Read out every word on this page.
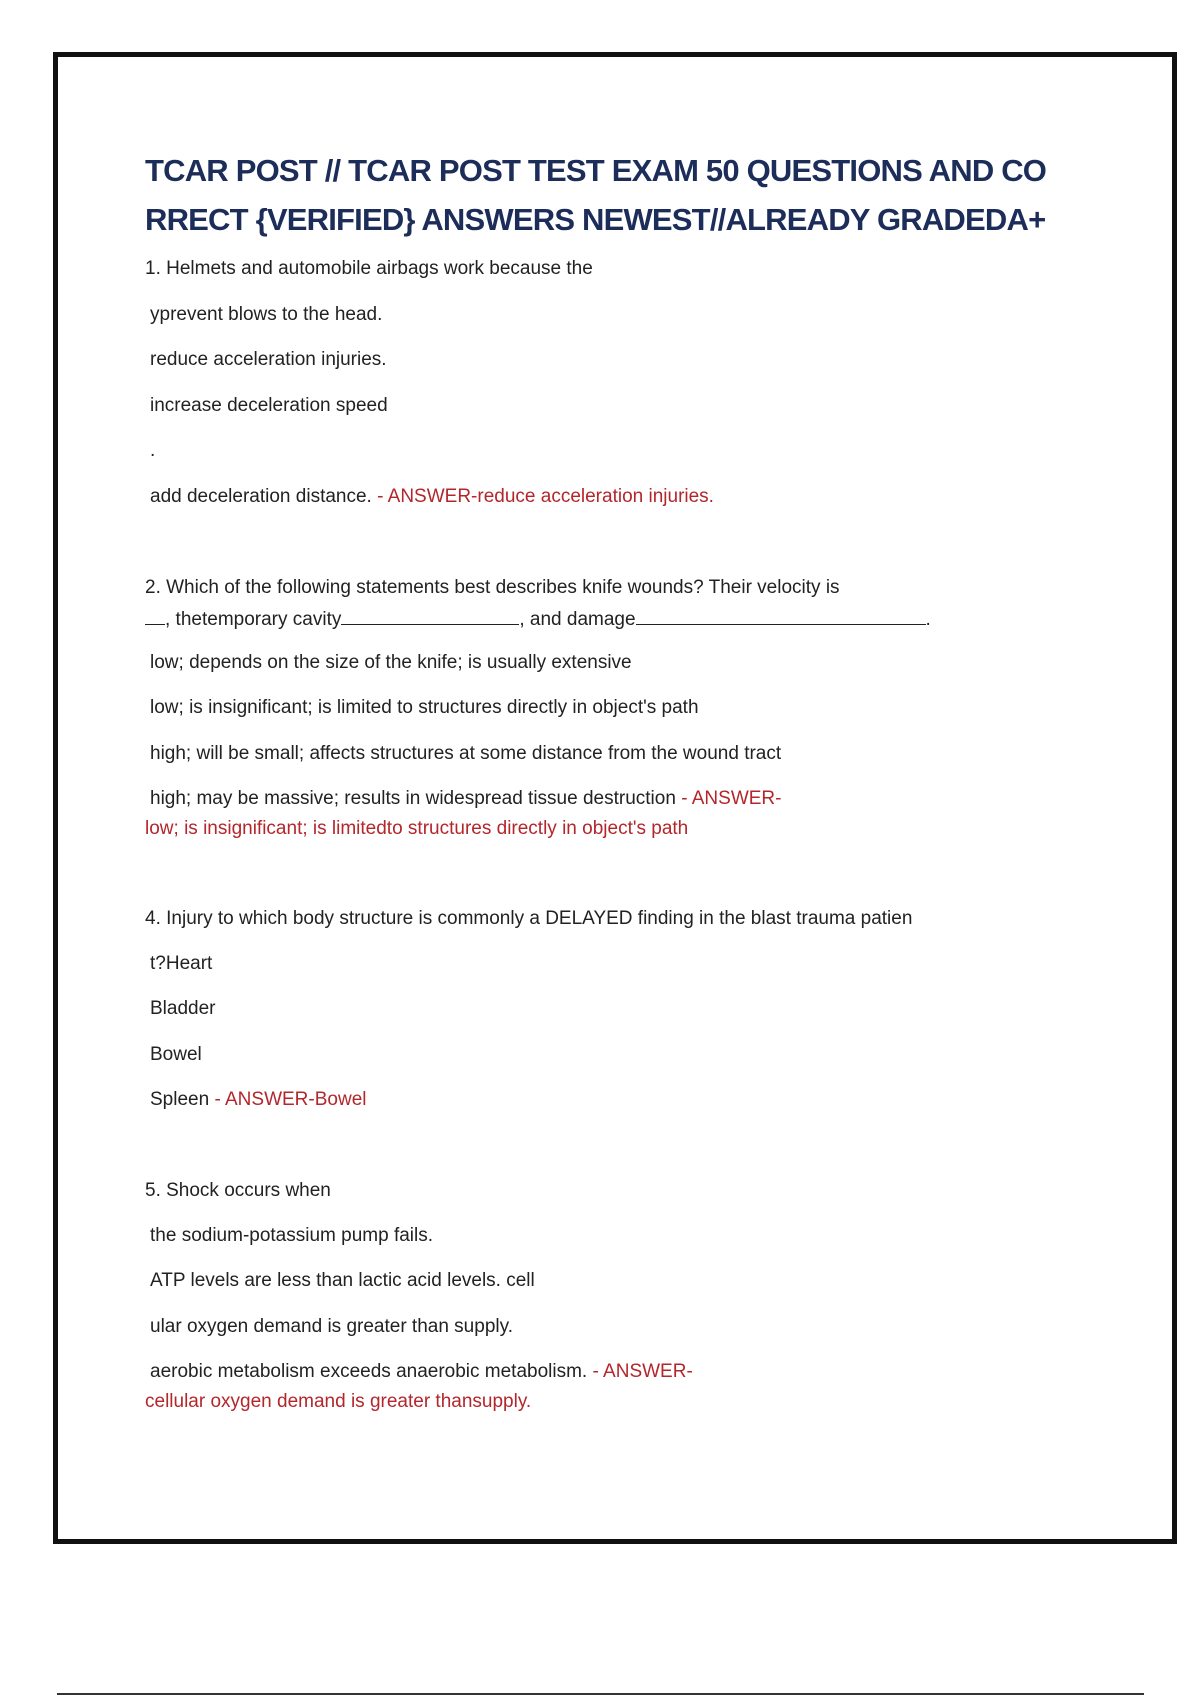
TCAR POST // TCAR POST TEST EXAM 50 QUESTIONS AND CO RRECT {VERIFIED} ANSWERS NEWEST//ALREADY GRADEDA+
1. Helmets and automobile airbags work because the
yprevent blows to the head.
reduce acceleration injuries.
increase deceleration speed
.
add deceleration distance. - ANSWER-reduce acceleration injuries.
2. Which of the following statements best describes knife wounds? Their velocity is
, thetemporary cavity	, and damage	.
low; depends on the size of the knife; is usually extensive
low; is insignificant; is limited to structures directly in object's path
high; will be small; affects structures at some distance from the wound tract
high; may be massive; results in widespread tissue destruction - ANSWER-
low; is insignificant; is limitedto structures directly in object's path
4. Injury to which body structure is commonly a DELAYED finding in the blast trauma patien
t?Heart
Bladder
Bowel
Spleen - ANSWER-Bowel
5. Shock occurs when
the sodium-potassium pump fails.
ATP levels are less than lactic acid levels. cell
ular oxygen demand is greater than supply.
aerobic metabolism exceeds anaerobic metabolism. - ANSWER-
cellular oxygen demand is greater thansupply.
